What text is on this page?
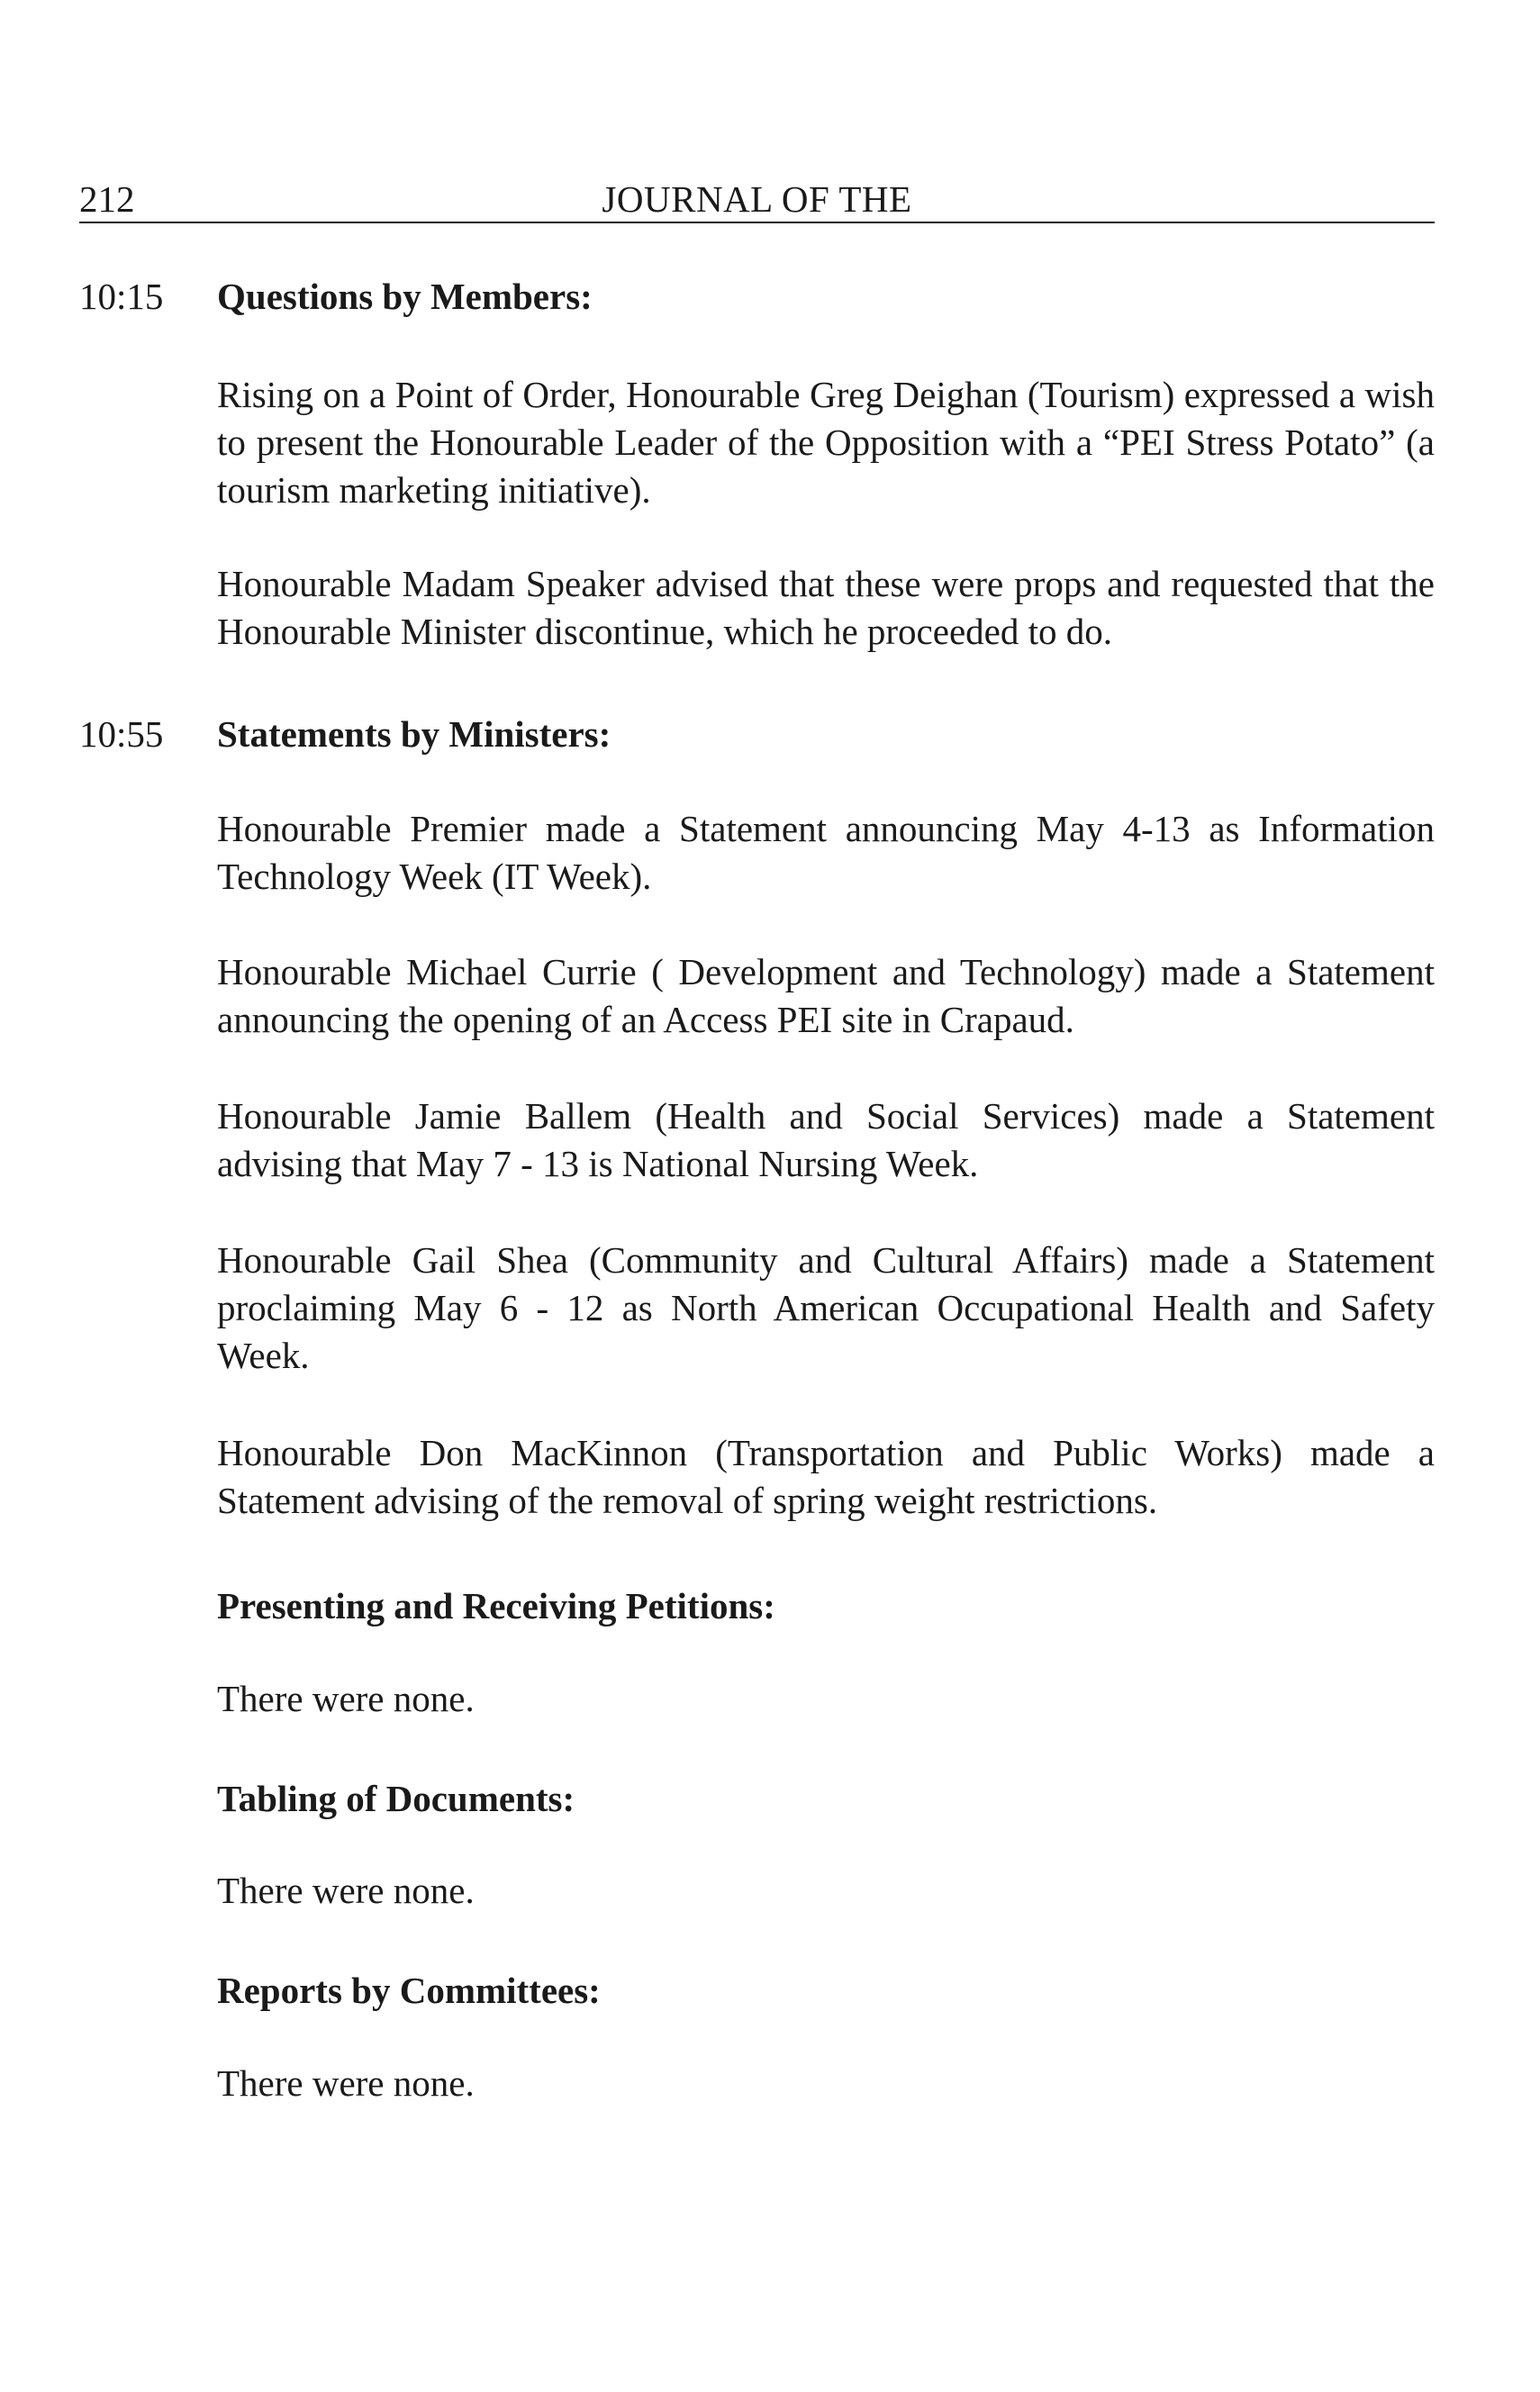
212	JOURNAL OF THE
10:15 Questions by Members:

Rising on a Point of Order, Honourable Greg Deighan (Tourism) expressed a wish to present the Honourable Leader of the Opposition with a “PEI Stress Potato” (a tourism marketing initiative).

Honourable Madam Speaker advised that these were props and requested that the Honourable Minister discontinue, which he proceeded to do.

10:55 Statements by Ministers:

Honourable Premier made a Statement announcing May 4-13 as Information Technology Week (IT Week).

Honourable Michael Currie ( Development and Technology) made a Statement announcing the opening of an Access PEI site in Crapaud.

Honourable Jamie Ballem (Health and Social Services) made a Statement advising that May 7 - 13 is National Nursing Week.

Honourable Gail Shea (Community and Cultural Affairs) made a Statement proclaiming May 6 - 12 as North American Occupational Health and Safety Week.

Honourable Don MacKinnon (Transportation and Public Works) made a Statement advising of the removal of spring weight restrictions.

Presenting and Receiving Petitions:

There were none.

Tabling of Documents:

There were none.

Reports by Committees:

There were none.
